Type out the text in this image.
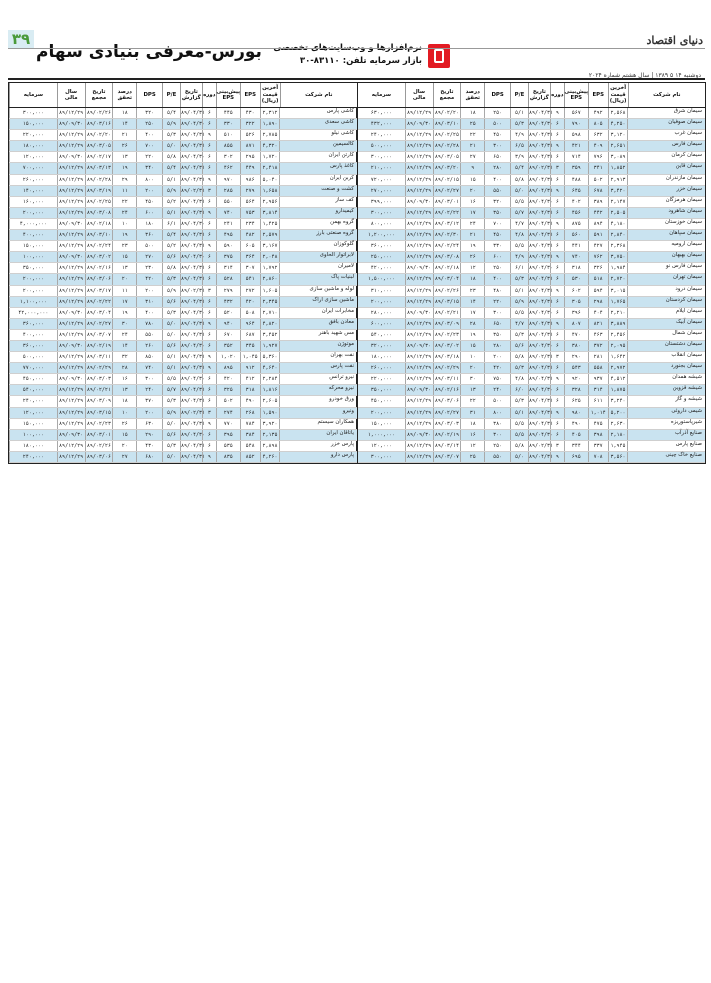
۳۹
بورس-معرفی بنیادی سهام نرم‌افزارها و وب‌سایت‌های تخصصی
بازار سرمایه تلفن: ۸۳۱۱۰-۳۰
دنیای اقتصاد
دوشنبه ۱۴ ۵ ۱۳۸۹ | سال هشتم شماره ۲۰۲۴
نام شرکت
آخرین قیمت (ریال)
EPS
پیش‌بینی EPS
دوره
تاریخ گزارش
P/E
DPS
درصد تحقق
تاریخ مجمع
سال مالی
سرمایه
سیمان شرق
۲,۵۶۸
۴۹۲
۵۶۷
۹
۸۹/۰۴/۳۱
۵/۱
۲۵۰
۱۸
۸۹/۰۲/۲۰
۸۹/۱۲/۲۹
۶۳۰,۰۰۰
سیمان صوفیان
۴,۲۵۰
۸۰۵
۷۹۰
۶
۸۹/۰۴/۳۰
۵/۳
۵۰۰
۲۵
۸۹/۰۳/۱۰
۸۹/۰۹/۳۰
۴۳۲,۰۰۰
سیمان غرب
۳,۱۲۰
۶۳۲
۵۹۸
۶
۸۹/۰۴/۳۱
۴/۹
۴۵۰
۲۲
۸۹/۰۲/۲۵
۸۹/۱۲/۲۹
۲۴۰,۰۰۰
سیمان فارس
۲,۶۵۱
۴۰۹
۴۲۱
۹
۸۹/۰۴/۳۱
۶/۵
۳۰۰
۲۱
۸۹/۰۲/۲۸
۸۹/۱۲/۲۹
۵۰۰,۰۰۰
سیمان کرمان
۳,۰۸۹
۷۹۶
۷۱۴
۶
۸۹/۰۴/۳۱
۳/۹
۶۵۰
۲۷
۸۹/۰۳/۰۵
۸۹/۱۲/۲۹
۳۰۰,۰۰۰
سیمان قاین
۱,۸۵۲
۳۴۱
۳۵۹
۳
۸۹/۰۲/۳۱
۵/۴
۲۸۰
۹
۸۹/۰۳/۲۰
۸۹/۱۲/۲۹
۲۱۰,۰۰۰
سیمان مازندران
۲,۹۱۳
۵۰۲
۴۸۸
۶
۸۹/۰۴/۳۱
۵/۸
۴۰۰
۱۵
۸۹/۰۲/۱۵
۸۹/۱۲/۲۹
۷۲۰,۰۰۰
سیمان خزر
۳,۴۲۰
۶۷۸
۶۴۵
۹
۸۹/۰۴/۳۱
۵/۰
۵۵۰
۲۰
۸۹/۰۲/۲۷
۸۹/۱۲/۲۹
۲۷۰,۰۰۰
سیمان هرمزگان
۲,۱۴۷
۳۸۹
۴۰۲
۶
۸۹/۰۴/۳۰
۵/۵
۳۲۰
۱۶
۸۹/۰۳/۰۱
۸۹/۰۹/۳۰
۳۹۹,۰۰۰
سیمان شاهرود
۲,۵۰۵
۴۴۲
۴۵۶
۶
۸۹/۰۴/۳۱
۵/۷
۳۵۰
۱۷
۸۹/۰۲/۲۲
۸۹/۱۲/۲۹
۳۰۰,۰۰۰
سیمان خوزستان
۴,۱۸۰
۸۹۴
۸۷۵
۹
۸۹/۰۴/۳۱
۴/۷
۷۰۰
۲۴
۸۹/۰۳/۱۲
۸۹/۱۲/۲۹
۸۰۰,۰۰۰
سیمان سپاهان
۲,۸۴۰
۵۹۱
۵۶۰
۶
۸۹/۰۴/۳۱
۴/۸
۴۵۰
۲۱
۸۹/۰۲/۳۰
۸۹/۱۲/۲۹
۱,۲۰۰,۰۰۰
سیمان ارومیه
۲,۳۶۸
۴۲۷
۴۴۱
۶
۸۹/۰۴/۳۱
۵/۵
۳۳۰
۱۹
۸۹/۰۲/۲۴
۸۹/۱۲/۲۹
۳۶۰,۰۰۰
سیمان بهبهان
۳,۷۵۰
۷۶۲
۷۴۰
۹
۸۹/۰۴/۳۱
۴/۹
۶۰۰
۲۶
۸۹/۰۳/۰۸
۸۹/۱۲/۲۹
۲۵۰,۰۰۰
سیمان فارس نو
۱,۹۸۴
۳۲۶
۳۱۸
۶
۸۹/۰۴/۳۰
۶/۱
۲۵۰
۱۲
۸۹/۰۲/۱۸
۸۹/۰۹/۳۰
۴۲۰,۰۰۰
سیمان تهران
۲,۷۲۰
۵۱۸
۵۳۰
۶
۸۹/۰۴/۳۱
۵/۳
۴۰۰
۱۸
۸۹/۰۳/۰۴
۸۹/۱۲/۲۹
۱,۵۰۰,۰۰۰
سیمان درود
۳,۰۱۵
۵۹۴
۶۰۲
۹
۸۹/۰۴/۳۱
۵/۱
۴۸۰
۲۳
۸۹/۰۲/۲۶
۸۹/۱۲/۲۹
۳۱۰,۰۰۰
سیمان کردستان
۱,۷۶۵
۲۹۸
۳۰۵
۶
۸۹/۰۴/۳۱
۵/۹
۲۲۰
۱۴
۸۹/۰۳/۱۵
۸۹/۱۲/۲۹
۲۰۰,۰۰۰
سیمان ایلام
۲,۲۱۰
۴۰۴
۳۹۶
۶
۸۹/۰۴/۳۰
۵/۵
۳۰۰
۱۷
۸۹/۰۲/۲۱
۸۹/۰۹/۳۰
۲۸۰,۰۰۰
سیمان آبیک
۳,۸۸۹
۸۲۱
۸۰۷
۹
۸۹/۰۴/۳۱
۴/۷
۶۵۰
۲۸
۸۹/۰۳/۰۹
۸۹/۱۲/۲۹
۶۰۰,۰۰۰
سیمان شمال
۲,۴۵۶
۴۶۳
۴۷۰
۶
۸۹/۰۴/۳۱
۵/۳
۳۵۰
۱۹
۸۹/۰۲/۲۳
۸۹/۱۲/۲۹
۵۴۰,۰۰۰
سیمان دشتستان
۲,۰۹۵
۳۷۲
۳۸۰
۶
۸۹/۰۴/۳۰
۵/۶
۲۸۰
۱۵
۸۹/۰۳/۰۲
۸۹/۰۹/۳۰
۳۲۰,۰۰۰
سیمان انقلاب
۱,۶۴۲
۲۸۱
۲۹۰
۳
۸۹/۰۲/۳۱
۵/۸
۲۰۰
۱۰
۸۹/۰۳/۱۸
۸۹/۱۲/۲۹
۱۸۰,۰۰۰
سیمان بجنورد
۲,۹۷۲
۵۵۸
۵۴۳
۶
۸۹/۰۴/۳۱
۵/۳
۴۲۰
۲۰
۸۹/۰۲/۲۹
۸۹/۱۲/۲۹
۲۶۰,۰۰۰
شیشه همدان
۴,۵۱۲
۹۳۷
۹۲۰
۹
۸۹/۰۴/۳۱
۴/۸
۷۵۰
۳۰
۸۹/۰۳/۱۱
۸۹/۱۲/۲۹
۲۲۰,۰۰۰
شیشه قزوین
۱,۸۷۵
۳۱۴
۳۲۸
۶
۸۹/۰۴/۳۰
۶/۰
۲۴۰
۱۳
۸۹/۰۲/۱۶
۸۹/۰۹/۳۰
۳۵۰,۰۰۰
شیشه و گاز
۳,۲۴۰
۶۱۱
۶۲۵
۶
۸۹/۰۴/۳۱
۵/۳
۵۰۰
۲۲
۸۹/۰۳/۰۶
۸۹/۱۲/۲۹
۴۵۰,۰۰۰
شیمی داروئی
۵,۲۰۰
۱,۰۱۴
۹۸۰
۹
۸۹/۰۴/۳۱
۵/۱
۸۰۰
۳۱
۸۹/۰۲/۲۷
۸۹/۱۲/۲۹
۲۰۰,۰۰۰
شیرپاستوریزه
۲,۶۳۰
۴۷۵
۴۹۰
۶
۸۹/۰۴/۳۱
۵/۵
۳۸۰
۱۸
۸۹/۰۳/۰۳
۸۹/۱۲/۲۹
۱۵۰,۰۰۰
صنایع آذرآب
۲,۱۸۰
۳۹۸
۴۰۵
۶
۸۹/۰۴/۳۰
۵/۵
۳۰۰
۱۶
۸۹/۰۲/۱۹
۸۹/۰۹/۳۰
۱,۰۰۰,۰۰۰
صنایع پارس
۱,۹۴۵
۳۳۷
۳۴۴
۳
۸۹/۰۲/۳۱
۵/۸
۲۵۰
۱۲
۸۹/۰۳/۱۴
۸۹/۱۲/۲۹
۱۲۰,۰۰۰
صنایع خاک چینی
۳,۵۶۰
۷۰۸
۶۹۵
۹
۸۹/۰۴/۳۱
۵/۰
۵۵۰
۲۵
۸۹/۰۳/۰۷
۸۹/۱۲/۲۹
۳۰۰,۰۰۰
نام شرکت
آخرین قیمت (ریال)
EPS
پیش‌بینی EPS
دوره
تاریخ گزارش
P/E
DPS
درصد تحقق
تاریخ مجمع
سال مالی
سرمایه
کاشی پارس
۲,۳۱۲
۴۳۰
۴۴۵
۶
۸۹/۰۴/۳۱
۵/۴
۳۲۰
۱۸
۸۹/۰۲/۲۶
۸۹/۱۲/۲۹
۳۰۰,۰۰۰
کاشی سعدی
۱,۸۹۰
۳۲۲
۳۳۰
۶
۸۹/۰۴/۳۰
۵/۹
۲۵۰
۱۴
۸۹/۰۳/۱۶
۸۹/۰۹/۳۰
۱۵۰,۰۰۰
کاشی نیلو
۲,۷۸۵
۵۲۶
۵۱۰
۹
۸۹/۰۴/۳۱
۵/۳
۴۰۰
۲۱
۸۹/۰۲/۲۰
۸۹/۱۲/۲۹
۲۲۰,۰۰۰
کالسیمین
۴,۳۲۰
۸۷۱
۸۵۵
۶
۸۹/۰۴/۳۱
۵/۰
۷۰۰
۲۶
۸۹/۰۳/۰۵
۸۹/۱۲/۲۹
۱۸۰,۰۰۰
کارتن ایران
۱,۷۲۰
۲۹۵
۳۰۲
۶
۸۹/۰۴/۳۰
۵/۸
۲۲۰
۱۳
۸۹/۰۲/۱۷
۸۹/۰۹/۳۰
۱۲۰,۰۰۰
کاغذ پارس
۲,۴۱۸
۴۴۹
۴۶۲
۶
۸۹/۰۴/۳۱
۵/۴
۳۴۰
۱۹
۸۹/۰۳/۱۳
۸۹/۱۲/۲۹
۷۰۰,۰۰۰
کربن ایران
۵,۰۴۰
۹۸۶
۹۷۰
۹
۸۹/۰۴/۳۱
۵/۱
۸۰۰
۲۹
۸۹/۰۲/۲۸
۸۹/۱۲/۲۹
۲۶۰,۰۰۰
کشت و صنعت
۱,۶۵۸
۲۷۹
۲۸۵
۳
۸۹/۰۲/۳۱
۵/۹
۲۰۰
۱۱
۸۹/۰۳/۱۹
۸۹/۱۲/۲۹
۱۴۰,۰۰۰
کف ساز
۲,۹۵۶
۵۶۴
۵۵۰
۶
۸۹/۰۴/۳۱
۵/۲
۴۵۰
۲۲
۸۹/۰۲/۲۵
۸۹/۱۲/۲۹
۱۶۰,۰۰۰
کیمیدارو
۳,۸۱۴
۷۵۳
۷۴۰
۹
۸۹/۰۴/۳۱
۵/۱
۶۰۰
۲۴
۸۹/۰۳/۰۸
۸۹/۱۲/۲۹
۲۰۰,۰۰۰
گروه بهمن
۱,۴۲۵
۲۳۴
۲۴۱
۶
۸۹/۰۴/۳۰
۶/۱
۱۸۰
۱۰
۸۹/۰۲/۱۸
۸۹/۰۹/۳۰
۴,۰۰۰,۰۰۰
گروه صنعتی بارز
۲,۵۷۹
۴۸۲
۴۹۵
۶
۸۹/۰۴/۳۱
۵/۴
۳۶۰
۱۹
۸۹/۰۳/۱۰
۸۹/۱۲/۲۹
۴۰۰,۰۰۰
گلوکوزان
۳,۱۶۷
۶۰۵
۵۹۰
۹
۸۹/۰۴/۳۱
۵/۲
۵۰۰
۲۳
۸۹/۰۲/۲۴
۸۹/۱۲/۲۹
۱۵۰,۰۰۰
لابراتوار الحاوی
۲,۰۴۸
۳۶۴
۳۷۵
۶
۸۹/۰۴/۳۰
۵/۶
۲۷۰
۱۵
۸۹/۰۳/۰۲
۸۹/۰۹/۳۰
۱۰۰,۰۰۰
لامیران
۱,۷۹۲
۳۰۷
۳۱۴
۶
۸۹/۰۴/۳۱
۵/۸
۲۳۰
۱۳
۸۹/۰۲/۱۶
۸۹/۱۲/۲۹
۳۵۰,۰۰۰
لبنیات پاک
۲,۸۶۰
۵۴۱
۵۲۸
۶
۸۹/۰۴/۳۱
۵/۳
۴۲۰
۲۰
۸۹/۰۳/۰۶
۸۹/۱۲/۲۹
۲۰۰,۰۰۰
لوله و ماشین سازی
۱,۶۰۵
۲۷۲
۲۷۹
۳
۸۹/۰۲/۳۱
۵/۹
۲۰۰
۱۱
۸۹/۰۳/۱۷
۸۹/۱۲/۲۹
۲۰۰,۰۰۰
ماشین سازی اراک
۲,۳۴۵
۴۲۰
۴۳۲
۶
۸۹/۰۴/۳۱
۵/۶
۳۱۰
۱۷
۸۹/۰۲/۲۲
۸۹/۱۲/۲۹
۱,۱۰۰,۰۰۰
مخابرات ایران
۲,۷۱۰
۵۰۸
۵۲۰
۶
۸۹/۰۴/۳۰
۵/۳
۴۰۰
۱۹
۸۹/۰۳/۰۴
۸۹/۰۹/۳۰
۴۲,۰۰۰,۰۰۰
معادن بافق
۴,۸۲۰
۹۶۴
۹۴۰
۹
۸۹/۰۴/۳۱
۵/۰
۷۸۰
۳۰
۸۹/۰۲/۲۷
۸۹/۱۲/۲۹
۳۶۰,۰۰۰
مس شهید باهنر
۳,۴۵۲
۶۸۷
۶۷۰
۶
۸۹/۰۴/۳۱
۵/۰
۵۵۰
۲۴
۸۹/۰۳/۰۷
۸۹/۱۲/۲۹
۴۰۰,۰۰۰
موتوژن
۱,۹۲۷
۳۴۵
۳۵۲
۶
۸۹/۰۴/۳۰
۵/۶
۲۶۰
۱۴
۸۹/۰۲/۱۹
۸۹/۰۹/۳۰
۳۶۰,۰۰۰
نفت بهران
۵,۳۶۰
۱,۰۴۵
۱,۰۲۰
۹
۸۹/۰۴/۳۱
۵/۱
۸۵۰
۳۲
۸۹/۰۳/۱۱
۸۹/۱۲/۲۹
۵۰۰,۰۰۰
نفت پارس
۴,۶۴۰
۹۱۲
۸۹۵
۹
۸۹/۰۴/۳۱
۵/۱
۷۴۰
۲۸
۸۹/۰۲/۲۹
۸۹/۱۲/۲۹
۷۷۰,۰۰۰
نیرو ترانس
۲,۲۸۴
۴۱۲
۴۲۰
۶
۸۹/۰۴/۳۰
۵/۵
۳۰۰
۱۶
۸۹/۰۳/۰۳
۸۹/۰۹/۳۰
۴۵۰,۰۰۰
نیرو محرکه
۱,۸۱۶
۳۱۸
۳۲۵
۶
۸۹/۰۴/۳۱
۵/۷
۲۴۰
۱۳
۸۹/۰۲/۲۱
۸۹/۱۲/۲۹
۵۴۰,۰۰۰
ورق خودرو
۲,۶۰۵
۴۹۰
۵۰۲
۶
۸۹/۰۴/۳۱
۵/۳
۳۷۰
۱۸
۸۹/۰۳/۰۹
۸۹/۱۲/۲۹
۲۴۰,۰۰۰
ونیرو
۱,۵۹۰
۲۶۸
۲۷۴
۳
۸۹/۰۲/۳۱
۵/۹
۲۰۰
۱۰
۸۹/۰۳/۱۵
۸۹/۱۲/۲۹
۱۲۰,۰۰۰
همکاران سیستم
۳,۹۲۰
۷۸۴
۷۷۰
۹
۸۹/۰۴/۳۱
۵/۰
۶۳۰
۲۶
۸۹/۰۲/۲۳
۸۹/۱۲/۲۹
۱۵۰,۰۰۰
یاتاقان ایران
۲,۱۳۵
۳۸۴
۳۹۵
۶
۸۹/۰۴/۳۰
۵/۶
۲۹۰
۱۵
۸۹/۰۳/۰۱
۸۹/۰۹/۳۰
۱۰۰,۰۰۰
پارس خزر
۲,۸۹۸
۵۴۸
۵۳۵
۶
۸۹/۰۴/۳۱
۵/۳
۴۳۰
۲۰
۸۹/۰۲/۲۶
۸۹/۱۲/۲۹
۱۸۰,۰۰۰
پارس دارو
۴,۲۶۰
۸۵۲
۸۳۵
۹
۸۹/۰۴/۳۱
۵/۰
۶۸۰
۲۷
۸۹/۰۳/۰۶
۸۹/۱۲/۲۹
۲۴۰,۰۰۰
